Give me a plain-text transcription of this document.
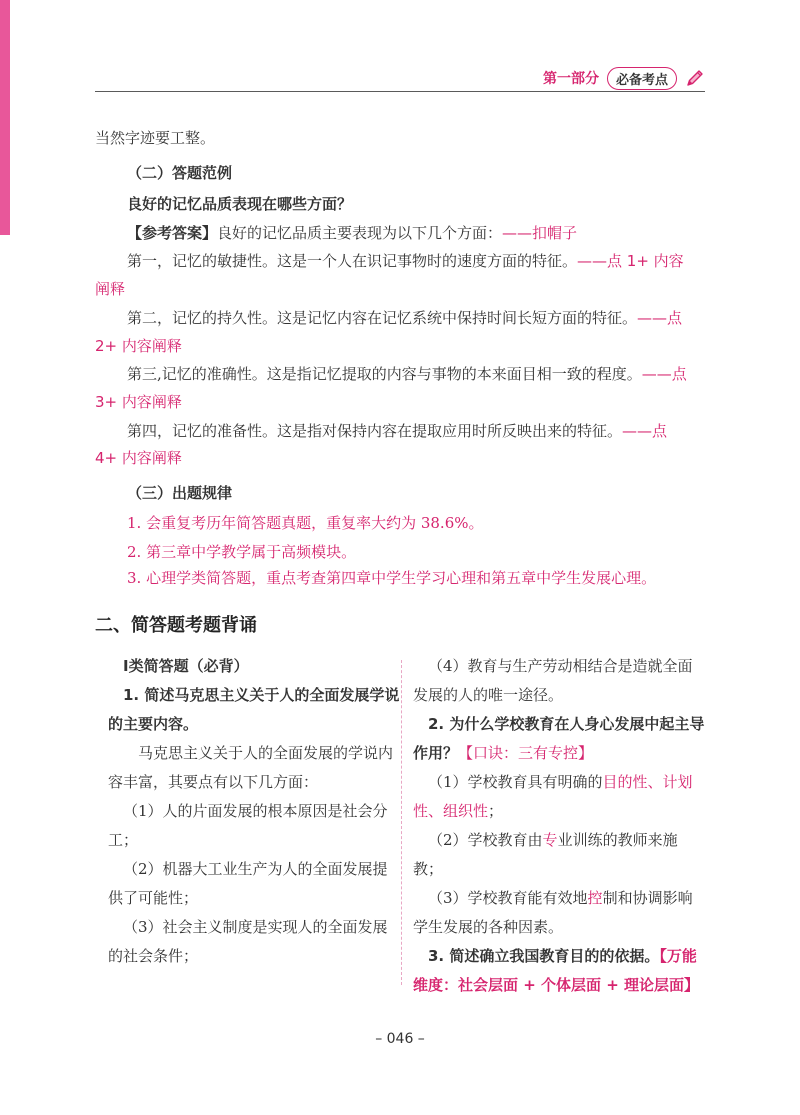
第一部分	必备考点
当然字迹要工整。
（二）答题范例
良好的记忆品质表现在哪些方面？
【参考答案】良好的记忆品质主要表现为以下几个方面：——扣帽子
第一，记忆的敏捷性。这是一个人在识记事物时的速度方面的特征。——点 1+ 内容
阐释
第二，记忆的持久性。这是记忆内容在记忆系统中保持时间长短方面的特征。——点
2+ 内容阐释
第三,记忆的准确性。这是指记忆提取的内容与事物的本来面目相一致的程度。——点
3+ 内容阐释
第四，记忆的准备性。这是指对保持内容在提取应用时所反映出来的特征。——点
4+ 内容阐释
（三）出题规律
1. 会重复考历年简答题真题，重复率大约为 38.6%。
2. 第三章中学教学属于高频模块。
3. 心理学类简答题，重点考查第四章中学生学习心理和第五章中学生发展心理。
二、简答题考题背诵

Ⅰ类简答题（必背）

1. 简述马克思主义关于人的全面发展学说的主要内容。

马克思主义关于人的全面发展的学说内容丰富，其要点有以下几方面：

（1）人的片面发展的根本原因是社会分工；

（2）机器大工业生产为人的全面发展提供了可能性；

（3）社会主义制度是实现人的全面发展的社会条件；

（4）教育与生产劳动相结合是造就全面发展的人的唯一途径。

2. 为什么学校教育在人身心发展中起主导作用？【口诀：三有专控】

（1）学校教育具有明确的目的性、计划性、组织性；

（2）学校教育由专业训练的教师来施教；

（3）学校教育能有效地控制和协调影响学生发展的各种因素。

3. 简述确立我国教育目的的依据。【万能维度：社会层面 + 个体层面 + 理论层面】

– 046 –
